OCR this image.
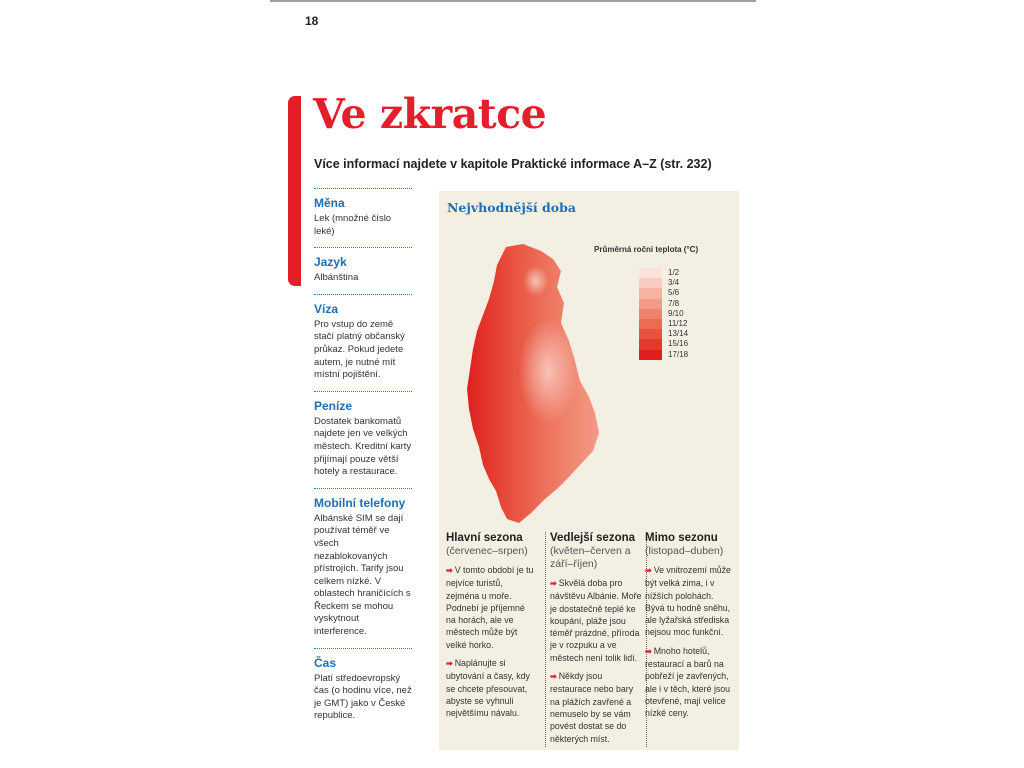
18
Ve zkratce
Více informací najdete v kapitole Praktické informace A–Z (str. 232)
Měna

Lek (množné číslo leké)

Jazyk

Albánština

Víza

Pro vstup do země stačí platný občanský průkaz. Pokud jedete autem, je nutné mít místní pojištění.

Peníze

Dostatek bankomatů najdete jen ve velkých městech. Kreditní karty přijímají pouze větší hotely a restaurace.

Mobilní telefony

Albánské SIM se dají používat téměř ve všech nezablokovaných přístrojích. Tarify jsou celkem nízké. V oblastech hraničících s Řeckem se mohou vyskytnout interference.

Čas

Platí středoevropský čas (o hodinu více, než je GMT) jako v České republice.

Nejvhodnější doba
Průměrná roční teplota (°C)
1/2
3/4
5/6
7/8
9/10
11/12
13/14
15/16
17/18
Hlavní sezona
(červenec–srpen)

➡ V tomto období je tu nejvíce turistů, zejména u moře. Podnebí je příjemné na horách, ale ve městech může být velké horko.

➡ Naplánujte si ubytování a časy, kdy se chcete přesouvat, abyste se vyhnuli největšímu návalu.

Vedlejší sezona
(květen–červen a září–říjen)

➡ Skvělá doba pro návštěvu Albánie. Moře je dostatečně teplé ke koupání, pláže jsou téměř prázdné, příroda je v rozpuku a ve městech není tolik lidí.

➡ Někdy jsou restaurace nebo bary na plážích zavřené a nemuselo by se vám povést dostat se do některých míst.

Mimo sezonu
(listopad–duben)

➡ Ve vnitrozemí může být velká zima, i v nížších polohách. Bývá tu hodně sněhu, ale lyžařská střediska nejsou moc funkční.

➡ Mnoho hotelů, restaurací a barů na pobřeží je zavřených, ale i v těch, které jsou otevřené, mají velice nízké ceny.
